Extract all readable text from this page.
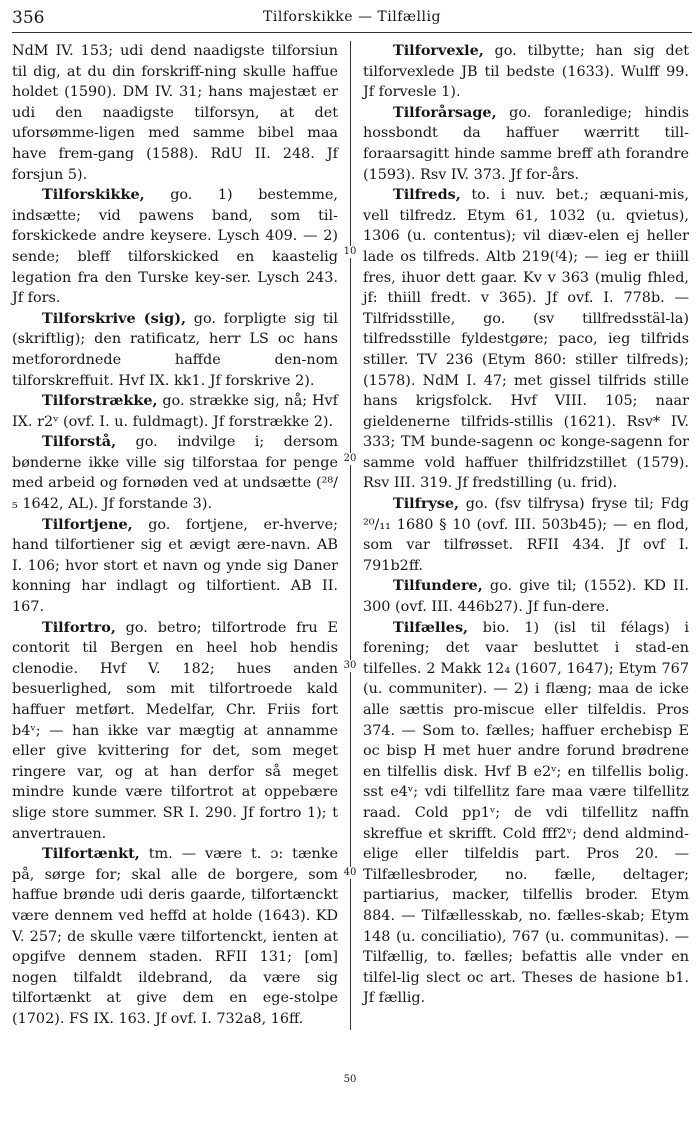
356	Tilforskikke — Tilfællig

NdM IV. 153; udi dend naadigste tilforsiun til dig, at du din forskriff-ning skulle haffue holdet (1590). DM IV. 31; hans majestæt er udi den naadigste tilforsyn, at det uforsømme-ligen med samme bibel maa have frem-gang (1588). RdU II. 248. Jf forsjun 5).

Tilforskikke, go. 1) bestemme, indsætte; vid pawens band, som til-forskickede andre keysere. Lysch 409. — 2) sende; bleff tilforskicked en kaastelig legation fra den Turske key-ser. Lysch 243. Jf fors.

Tilforskrive (sig), go. forpligte sig til (skriftlig); den ratificatz, herr LS oc hans metforordnede haffde den-nom tilforskreffuit. Hvf IX. kk1. Jf forskrive 2).

Tilforstrække, go. strække sig, nå; Hvf IX. r2ᵛ (ovf. I. u. fuldmagt). Jf forstrække 2).

Tilforstå, go. indvilge i; dersom bønderne ikke ville sig tilforstaa for penge med arbeid og fornøden ved at undsætte (²⁸/₅ 1642, AL). Jf forstande 3).

Tilfortjene, go. fortjene, er-hverve; hand tilfortiener sig et ævigt ære-navn. AB I. 106; hvor stort et navn og ynde sig Daner konning har indlagt og tilfortient. AB II. 167.

Tilfortro, go. betro; tilfortrode fru E contorit til Bergen en heel hob hendis clenodie. Hvf V. 182; hues anden besuerlighed, som mit tilfortroede kald haffuer metført. Medelfar, Chr. Friis fort b4ᵛ; — han ikke var mægtig at annamme eller give kvittering for det, som meget ringere var, og at han derfor så meget mindre kunde være tilfortrot at oppebære slige store summer. SR I. 290. Jf fortro 1); t anvertrauen.

Tilfortænkt, tm. — være t. ɔ: tænke på, sørge for; skal alle de borgere, som haffue brønde udi deris gaarde, tilfortænckt være dennem ved heffd at holde (1643). KD V. 257; de skulle være tilfortenckt, ienten at opgifve dennem staden. RFII 131; [om] nogen tilfaldt ildebrand, da være sig tilfortænkt at give dem en ege-stolpe (1702). FS IX. 163. Jf ovf. I. 732a8, 16ff.

10
20
30
40
50

Tilforvexle, go. tilbytte; han sig det tilforvexlede JB til bedste (1633). Wulff 99. Jf forvesle 1).

Tilforårsage, go. foranledige; hindis hossbondt da haffuer wærritt till-foraarsagitt hinde samme breff ath forandre (1593). Rsv IV. 373. Jf for-års.

Tilfreds, to. i nuv. bet.; æquani-mis, vell tilfredz. Etym 61, 1032 (u. qvietus), 1306 (u. contentus); vil diæv-elen ej heller lade os tilfreds. Altb 219(ᶠ4); — ieg er thiill fres, ihuor dett gaar. Kv v 363 (mulig fhled, jf: thiill fredt. v 365). Jf ovf. I. 778b. — Tilfridsstille, go. (sv tillfredsstäl-la) tilfredsstille fyldestgøre; paco, ieg tilfrids stiller. TV 236 (Etym 860: stiller tilfreds); (1578). NdM I. 47; met gissel tilfrids stille hans krigsfolck. Hvf VIII. 105; naar gieldenerne tilfrids-stillis (1621). Rsv* IV. 333; TM bunde-sagenn oc konge-sagenn for samme vold haffuer thilfridzstillet (1579). Rsv III. 319. Jf fredstilling (u. frid).

Tilfryse, go. (fsv tilfrysa) fryse til; Fdg ²⁰/₁₁ 1680 § 10 (ovf. III. 503b45); — en flod, som var tilfrøsset. RFII 434. Jf ovf I. 791b2ff.

Tilfundere, go. give til; (1552). KD II. 300 (ovf. III. 446b27). Jf fun-dere.

Tilfælles, bio. 1) (isl til félags) i forening; det vaar besluttet i stad-en tilfelles. 2 Makk 12₄ (1607, 1647); Etym 767 (u. communiter). — 2) i flæng; maa de icke alle sættis pro-miscue eller tilfeldis. Pros 374. — Som to. fælles; haffuer erchebisp E oc bisp H met huer andre forund brødrene en tilfellis disk. Hvf B e2ᵛ; en tilfellis bolig. sst e4ᵛ; vdi tilfellitz fare maa være tilfellitz raad. Cold pp1ᵛ; de vdi tilfellitz naffn skreffue et skrifft. Cold fff2ᵛ; dend aldmind-elige eller tilfeldis part. Pros 20. — Tilfællesbroder, no. fælle, deltager; partiarius, macker, tilfellis broder. Etym 884. — Tilfællesskab, no. fælles-skab; Etym 148 (u. conciliatio), 767 (u. communitas). — Tilfællig, to. fælles; befattis alle vnder en tilfel-lig slect oc art. Theses de hasione b1. Jf fællig.
